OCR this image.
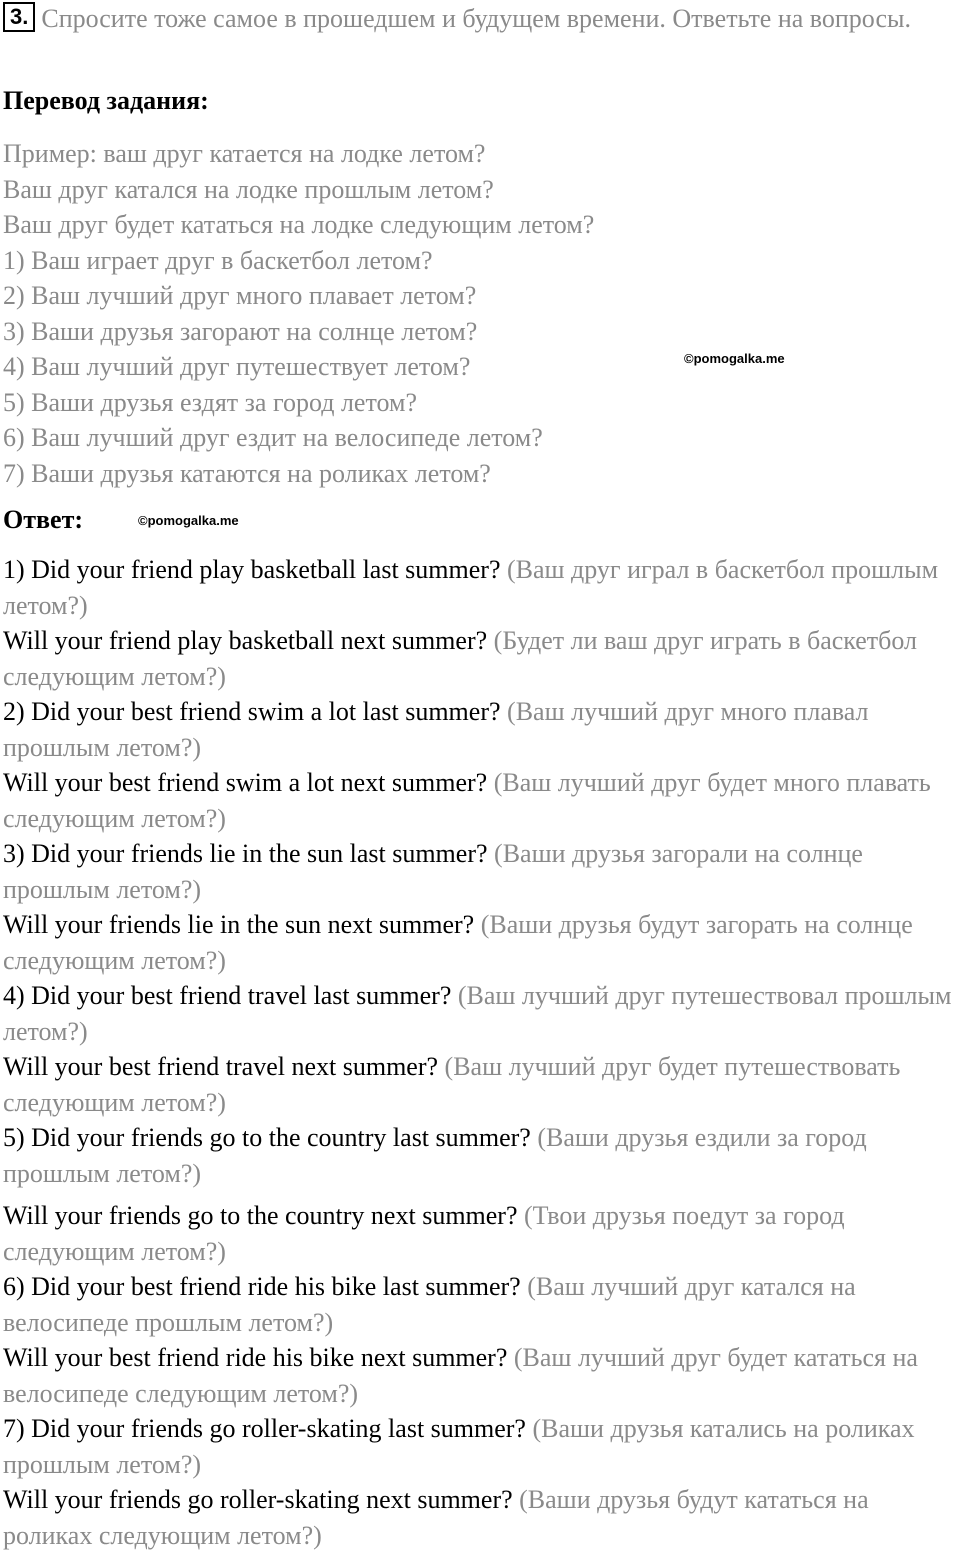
3. Спросите тоже самое в прошедшем и будущем времени. Ответьте на вопросы.
Перевод задания:
Пример: ваш друг катается на лодке летом?
Ваш друг катался на лодке прошлым летом?
Ваш друг будет кататься на лодке следующим летом?
1) Ваш играет друг в баскетбол летом?
2) Ваш лучший друг много плавает летом?
3) Ваши друзья загорают на солнце летом?
4) Ваш лучший друг путешествует летом?
5) Ваши друзья ездят за город летом?
6) Ваш лучший друг ездит на велосипеде летом?
7) Ваши друзья катаются на роликах летом?
©pomogalka.me
Ответ:	©pomogalka.me

1) Did your friend play basketball last summer? (Ваш друг играл в баскетбол прошлым летом?)

Will your friend play basketball next summer? (Будет ли ваш друг играть в баскетбол следующим летом?)

2) Did your best friend swim a lot last summer? (Ваш лучший друг много плавал прошлым летом?)

Will your best friend swim a lot next summer? (Ваш лучший друг будет много плавать следующим летом?)

3) Did your friends lie in the sun last summer? (Ваши друзья загорали на солнце прошлым летом?)

Will your friends lie in the sun next summer? (Ваши друзья будут загорать на солнце следующим летом?)

4) Did your best friend travel last summer? (Ваш лучший друг путешествовал прошлым летом?)

Will your best friend travel next summer? (Ваш лучший друг будет путешествовать следующим летом?)

5) Did your friends go to the country last summer? (Ваши друзья ездили за город прошлым летом?)

Will your friends go to the country next summer? (Твои друзья поедут за город следующим летом?)

6) Did your best friend ride his bike last summer? (Ваш лучший друг катался на велосипеде прошлым летом?)

Will your best friend ride his bike next summer? (Ваш лучший друг будет кататься на велосипеде следующим летом?)

7) Did your friends go roller-skating last summer? (Ваши друзья катались на роликах прошлым летом?)

Will your friends go roller-skating next summer? (Ваши друзья будут кататься на роликах следующим летом?)
